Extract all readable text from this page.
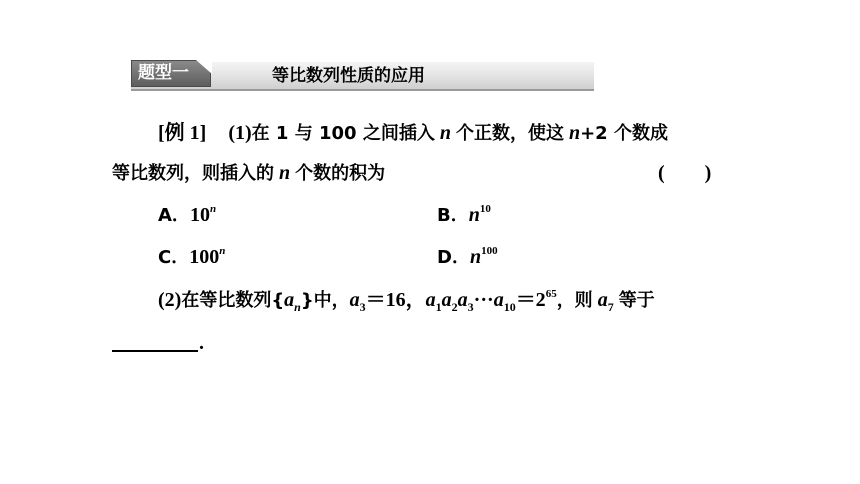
题型一	等比数列性质的应用
[例 1] (1)在 1 与 100 之间插入 n 个正数，使这 n+2 个数成
等比数列，则插入的 n 个数的积为	(　　)
A．10$^n$	B．$n^{10}$
C．100$^n$	D．$n^{100}$
(2)在等比数列$\{a_n\}$中，$a_3=16$，$a_1a_2a_3\cdot\cdot\cdot a_{10}=2^{65}$，则 $a_7$ 等于
.
